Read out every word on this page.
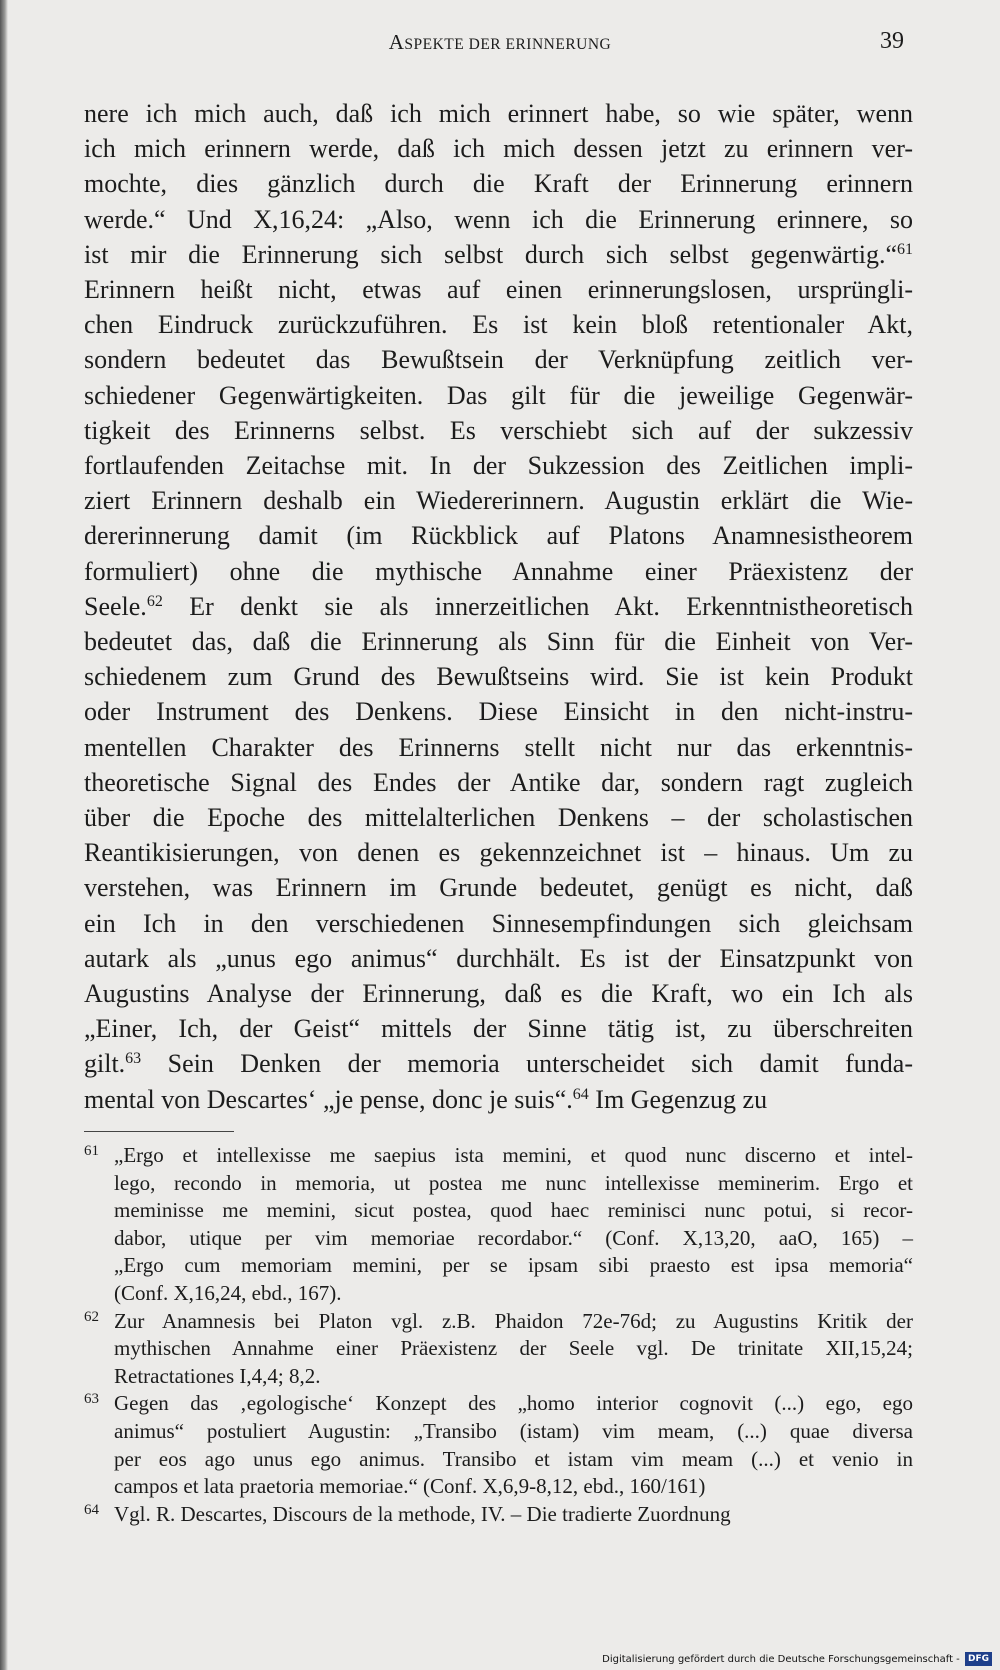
ASPEKTE DER ERINNERUNG	39
nere ich mich auch, daß ich mich erinnert habe, so wie später, wenn
ich mich erinnern werde, daß ich mich dessen jetzt zu erinnern ver-
mochte, dies gänzlich durch die Kraft der Erinnerung erinnern
werde.“ Und X,16,24: „Also, wenn ich die Erinnerung erinnere, so
ist mir die Erinnerung sich selbst durch sich selbst gegenwärtig.“$^{61}$
Erinnern heißt nicht, etwas auf einen erinnerungslosen, ursprüngli-
chen Eindruck zurückzuführen. Es ist kein bloß retentionaler Akt,
sondern bedeutet das Bewußtsein der Verknüpfung zeitlich ver-
schiedener Gegenwärtigkeiten. Das gilt für die jeweilige Gegenwär-
tigkeit des Erinnerns selbst. Es verschiebt sich auf der sukzessiv
fortlaufenden Zeitachse mit. In der Sukzession des Zeitlichen impli-
ziert Erinnern deshalb ein Wiedererinnern. Augustin erklärt die Wie-
dererinnerung damit (im Rückblick auf Platons Anamnesistheorem
formuliert) ohne die mythische Annahme einer Präexistenz der
Seele.$^{62}$ Er denkt sie als innerzeitlichen Akt. Erkenntnistheoretisch
bedeutet das, daß die Erinnerung als Sinn für die Einheit von Ver-
schiedenem zum Grund des Bewußtseins wird. Sie ist kein Produkt
oder Instrument des Denkens. Diese Einsicht in den nicht-instru-
mentellen Charakter des Erinnerns stellt nicht nur das erkenntnis-
theoretische Signal des Endes der Antike dar, sondern ragt zugleich
über die Epoche des mittelalterlichen Denkens – der scholastischen
Reantikisierungen, von denen es gekennzeichnet ist – hinaus. Um zu
verstehen, was Erinnern im Grunde bedeutet, genügt es nicht, daß
ein Ich in den verschiedenen Sinnesempfindungen sich gleichsam
autark als „unus ego animus“ durchhält. Es ist der Einsatzpunkt von
Augustins Analyse der Erinnerung, daß es die Kraft, wo ein Ich als
„Einer, Ich, der Geist“ mittels der Sinne tätig ist, zu überschreiten
gilt.$^{63}$ Sein Denken der memoria unterscheidet sich damit funda-
mental von Descartes‘ „je pense, donc je suis“.$^{64}$ Im Gegenzug zu
61 „Ergo et intellexisse me saepius ista memini, et quod nunc discerno et intel-
lego, recondo in memoria, ut postea me nunc intellexisse meminerim. Ergo et
meminisse me memini, sicut postea, quod haec reminisci nunc potui, si recor-
dabor, utique per vim memoriae recordabor.“ (Conf. X,13,20, aaO, 165) –
„Ergo cum memoriam memini, per se ipsam sibi praesto est ipsa memoria“
(Conf. X,16,24, ebd., 167).
62 Zur Anamnesis bei Platon vgl. z.B. Phaidon 72e-76d; zu Augustins Kritik der
mythischen Annahme einer Präexistenz der Seele vgl. De trinitate XII,15,24;
Retractationes I,4,4; 8,2.
63 Gegen das ‚egologische‘ Konzept des „homo interior cognovit (...) ego, ego
animus“ postuliert Augustin: „Transibo (istam) vim meam, (...) quae diversa
per eos ago unus ego animus. Transibo et istam vim meam (...) et venio in
campos et lata praetoria memoriae.“ (Conf. X,6,9-8,12, ebd., 160/161)
64 Vgl. R. Descartes, Discours de la methode, IV. – Die tradierte Zuordnung
Digitalisierung gefördert durch die Deutsche Forschungsgemeinschaft - DFG
